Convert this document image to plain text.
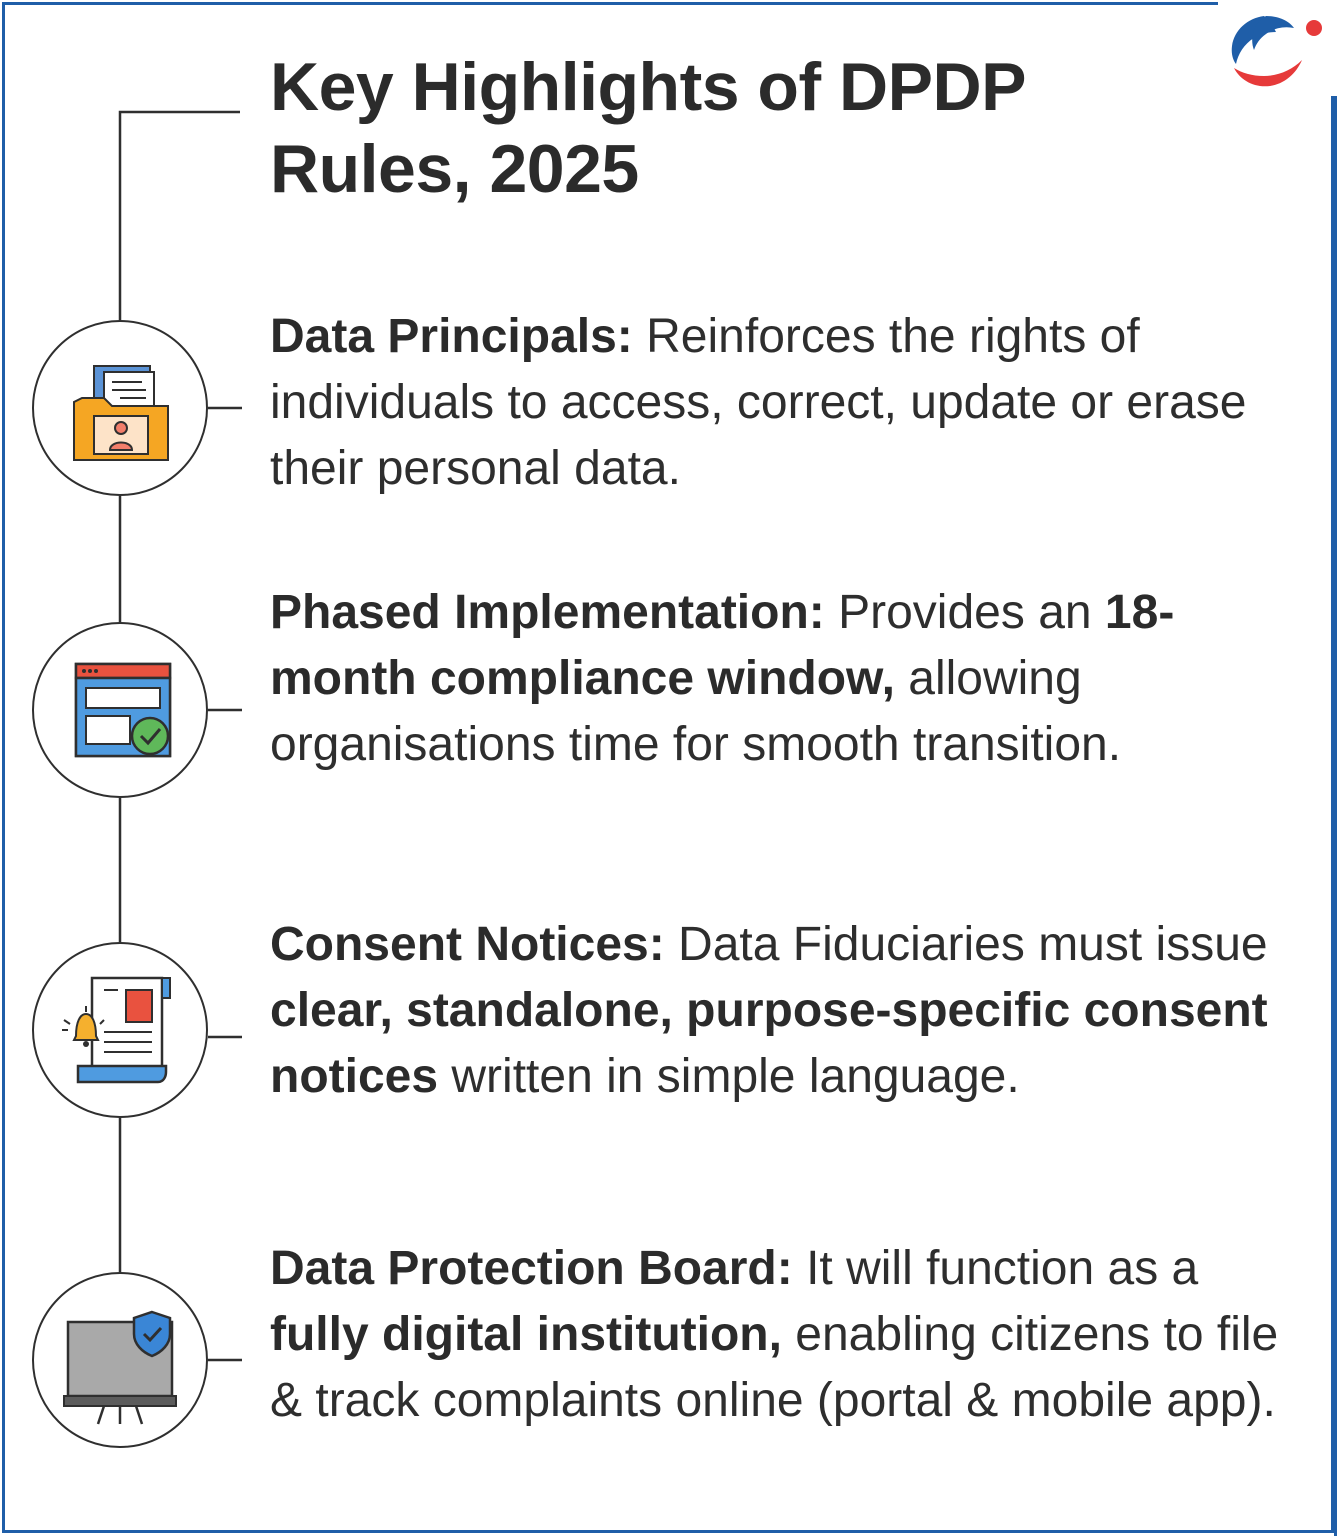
Key Highlights of DPDP
Rules, 2025

Data Principals: Reinforces the rights of individuals to access, correct, update or erase their personal data.

Phased Implementation: Provides an 18-month compliance window, allowing organisations time for smooth transition.

Consent Notices: Data Fiduciaries must issue clear, standalone, purpose-specific consent notices written in simple language.

Data Protection Board: It will function as a fully digital institution, enabling citizens to file & track complaints online (portal & mobile app).
